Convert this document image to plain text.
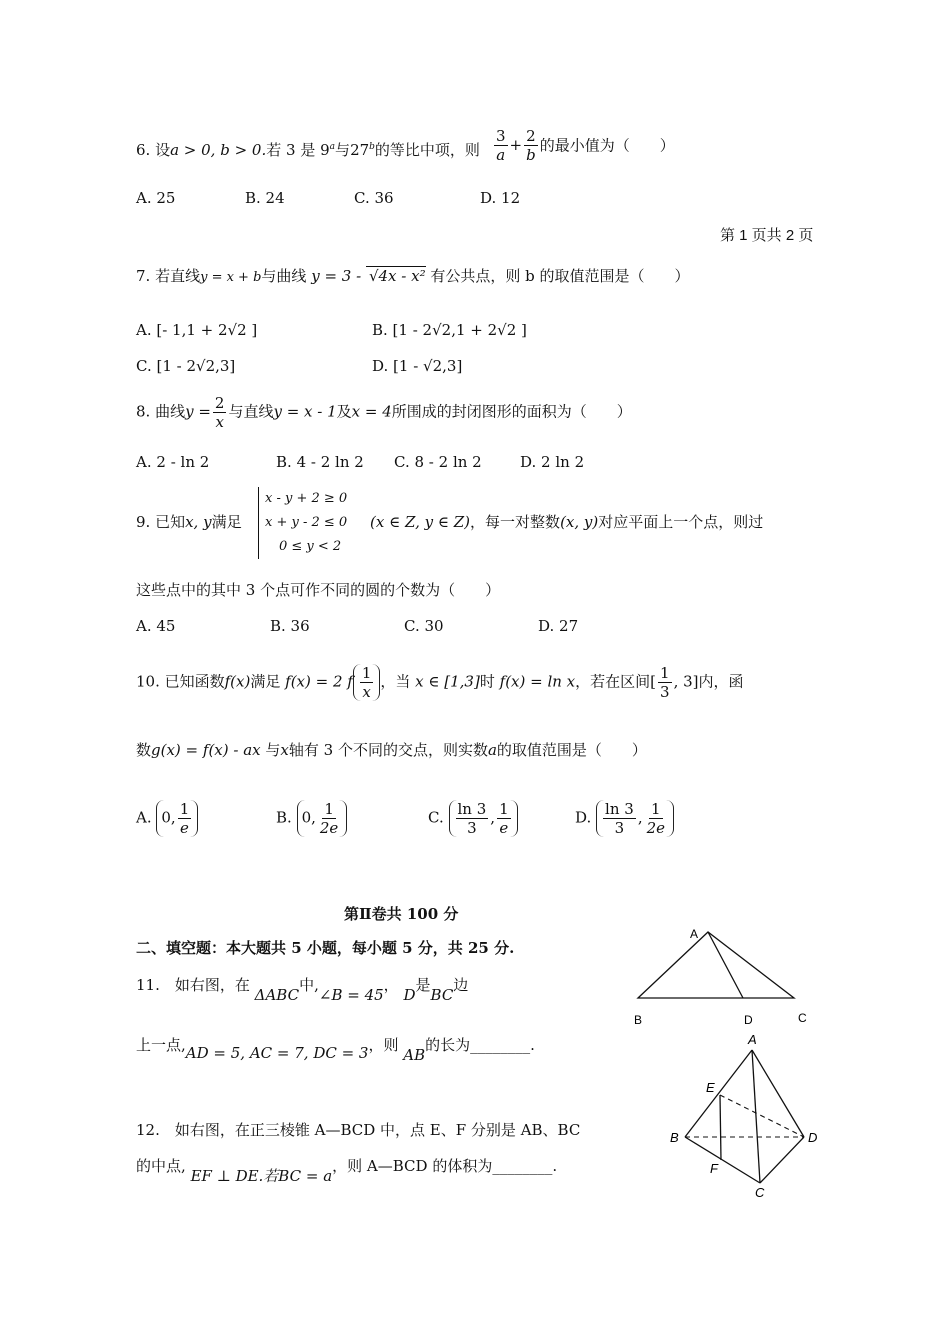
6. 设a > 0, b > 0.若 3 是 9$^a$与27$^b$的等比中项，则 $\frac{3}{a} + \frac{2}{b}$ 的最小值为（　　）
A. 25	B. 24	C. 36	D. 12
第 1 页共 2 页
7. 若直线y = x + b与曲线 y = 3 - √4x - x² 有公共点，则 b 的取值范围是（　　）
A. [- 1,1 + 2√2 ]	B. [1 - 2√2,1 + 2√2 ]
C. [1 - 2√2,3]	D. [1 - √2,3]
8. 曲线$y = \frac{2}{x}$ 与直线y = x - 1及x = 4所围成的封闭图形的面积为（　　）
A. 2 - ln 2	B. 4 - 2 ln 2 C. 8 - 2 ln 2	D. 2 ln 2
9. 已知x, y满足
x - y + 2 ≥ 0
x + y - 2 ≤ 0
0 ≤ y < 2
(x ∈ Z, y ∈ Z)，每一对整数(x, y)对应平面上一个点，则过
这些点中的其中 3 个点可作不同的圆的个数为（　　）
A. 45	B. 36	C. 30	D. 27
10. 已知函数f(x)满足 f(x) = 2 f $\frac{1}{x}$ ，当 x ∈ [1,3]时 f(x) = ln x，若在区间[ $\frac{1}{3}$ , 3]内，函
数g(x) = f(x) - ax 与x轴有 3 个不同的交点，则实数a的取值范围是（　　）
A. 0, $\frac{1}{e}$	B. 0, $\frac{1}{2e}$	C. $\frac{\ln 3}{3}$ , $\frac{1}{e}$	D. $\frac{\ln 3}{3}$ , $\frac{1}{2e}$
第Ⅱ卷共 100 分
二、填空题：本大题共 5 小题，每小题 5 分，共 25 分.
11.　如右图，在 ΔABC中,∠B = 45， D是BC边
上一点,AD = 5, AC = 7, DC = 3，则 AB的长为________.
12.　如右图，在正三棱锥 A—BCD 中，点 E、F 分别是 AB、BC
的中点, EF ⊥ DE.若BC = a，则 A—BCD 的体积为________.
A
B	D	C
A
E
B	D
F
C
